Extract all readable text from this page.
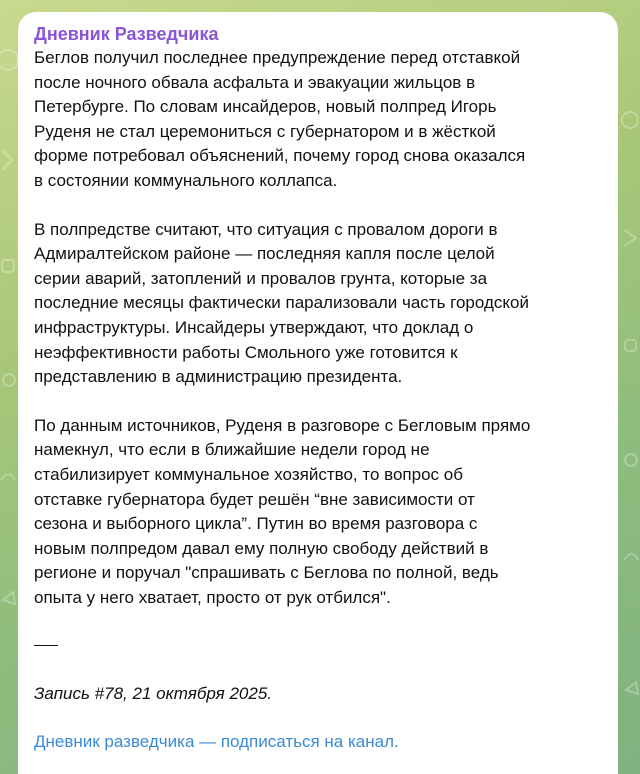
Дневник Разведчика
Беглов получил последнее предупреждение перед отставкой
после ночного обвала асфальта и эвакуации жильцов в
Петербурге. По словам инсайдеров, новый полпред Игорь
Руденя не стал церемониться с губернатором и в жёсткой
форме потребовал объяснений, почему город снова оказался
в состоянии коммунального коллапса.
В полпредстве считают, что ситуация с провалом дороги в
Адмиралтейском районе — последняя капля после целой
серии аварий, затоплений и провалов грунта, которые за
последние месяцы фактически парализовали часть городской
инфраструктуры. Инсайдеры утверждают, что доклад о
неэффективности работы Смольного уже готовится к
представлению в администрацию президента.
По данным источников, Руденя в разговоре с Бегловым прямо
намекнул, что если в ближайшие недели город не
стабилизирует коммунальное хозяйство, то вопрос об
отставке губернатора будет решён “вне зависимости от
сезона и выборного цикла”. Путин во время разговора с
новым полпредом давал ему полную свободу действий в
регионе и поручал "спрашивать с Беглова по полной, ведь
опыта у него хватает, просто от рук отбился".
Запись #78, 21 октября 2025.
Дневник разведчика — подписаться на канал.
